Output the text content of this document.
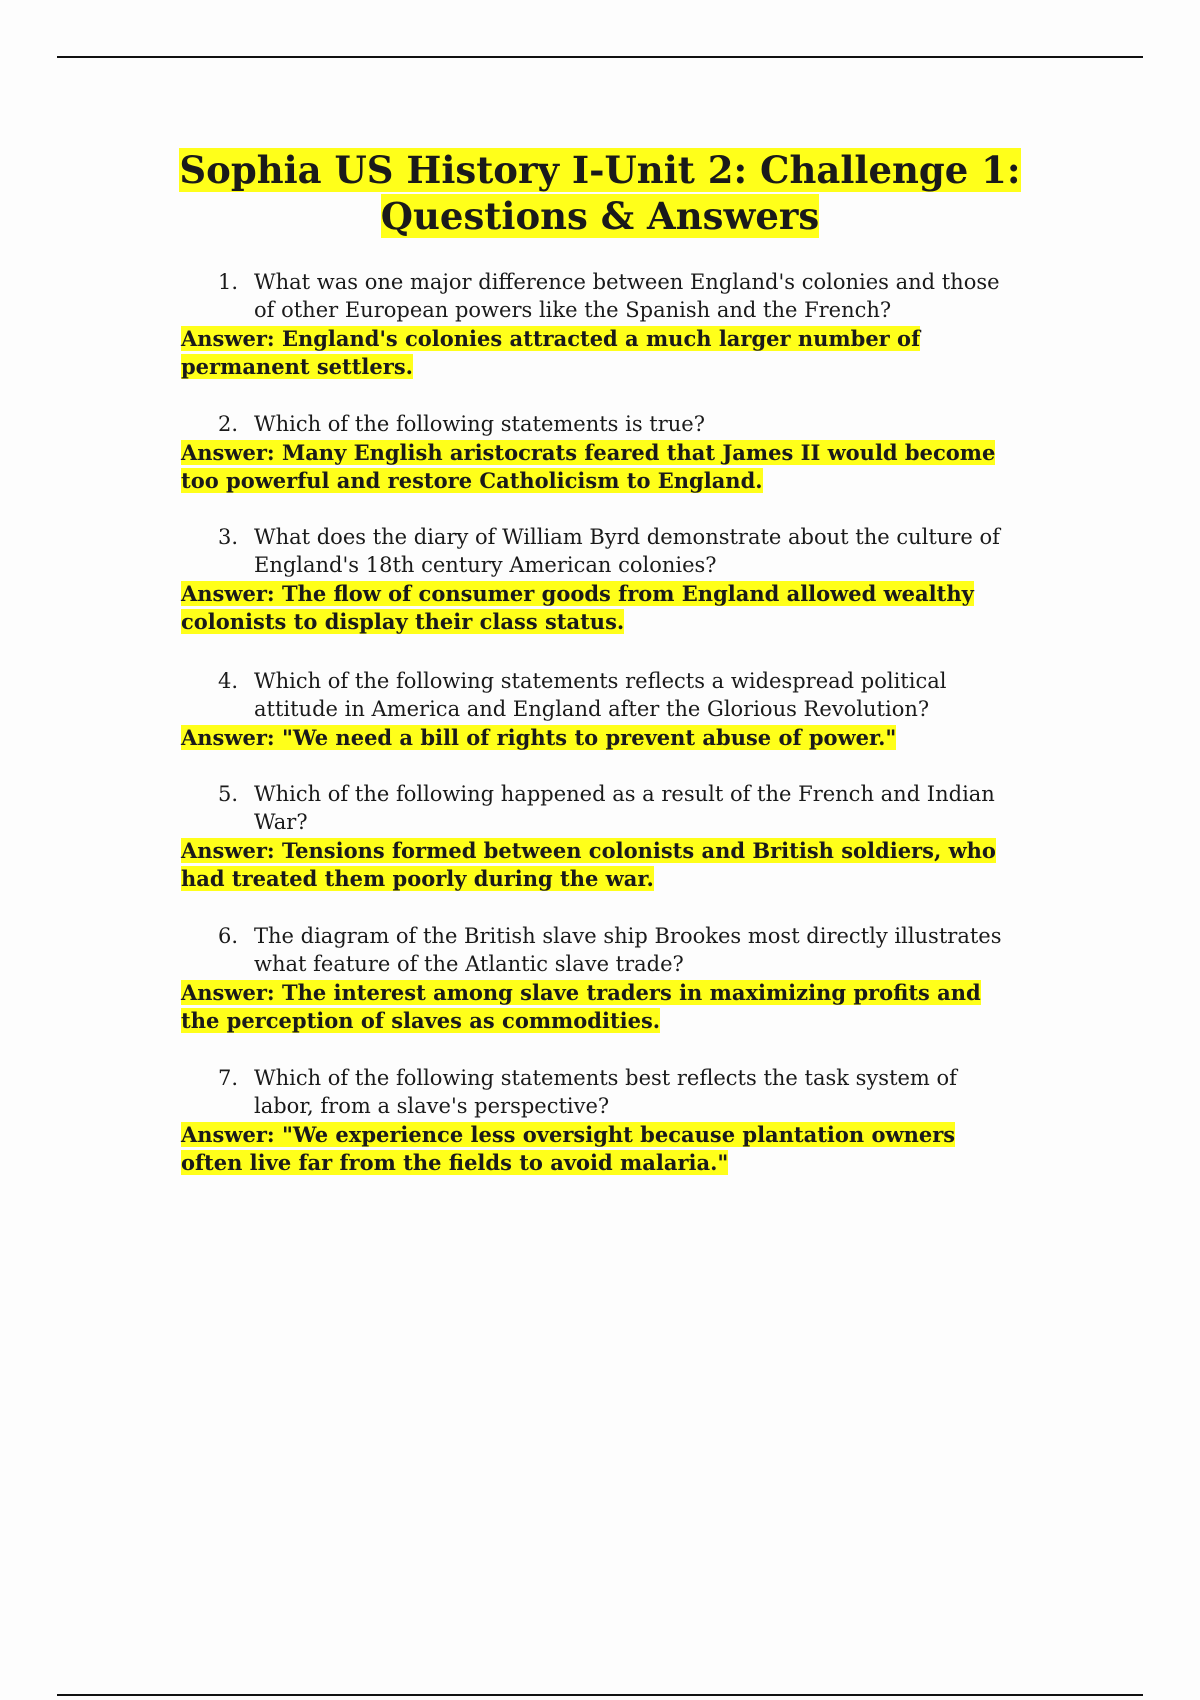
Sophia US History I-Unit 2: Challenge 1:
Questions & Answers
1. What was one major difference between England's colonies and those of other European powers like the Spanish and the French?
Answer: England's colonies attracted a much larger number of permanent settlers.
2. Which of the following statements is true?
Answer: Many English aristocrats feared that James II would become too powerful and restore Catholicism to England.
3. What does the diary of William Byrd demonstrate about the culture of England's 18th century American colonies?
Answer: The flow of consumer goods from England allowed wealthy colonists to display their class status.
4. Which of the following statements reflects a widespread political attitude in America and England after the Glorious Revolution?
Answer: "We need a bill of rights to prevent abuse of power."
5. Which of the following happened as a result of the French and Indian War?
Answer: Tensions formed between colonists and British soldiers, who had treated them poorly during the war.
6. The diagram of the British slave ship Brookes most directly illustrates what feature of the Atlantic slave trade?
Answer: The interest among slave traders in maximizing profits and the perception of slaves as commodities.
7. Which of the following statements best reflects the task system of labor, from a slave's perspective?
Answer: "We experience less oversight because plantation owners often live far from the fields to avoid malaria."
